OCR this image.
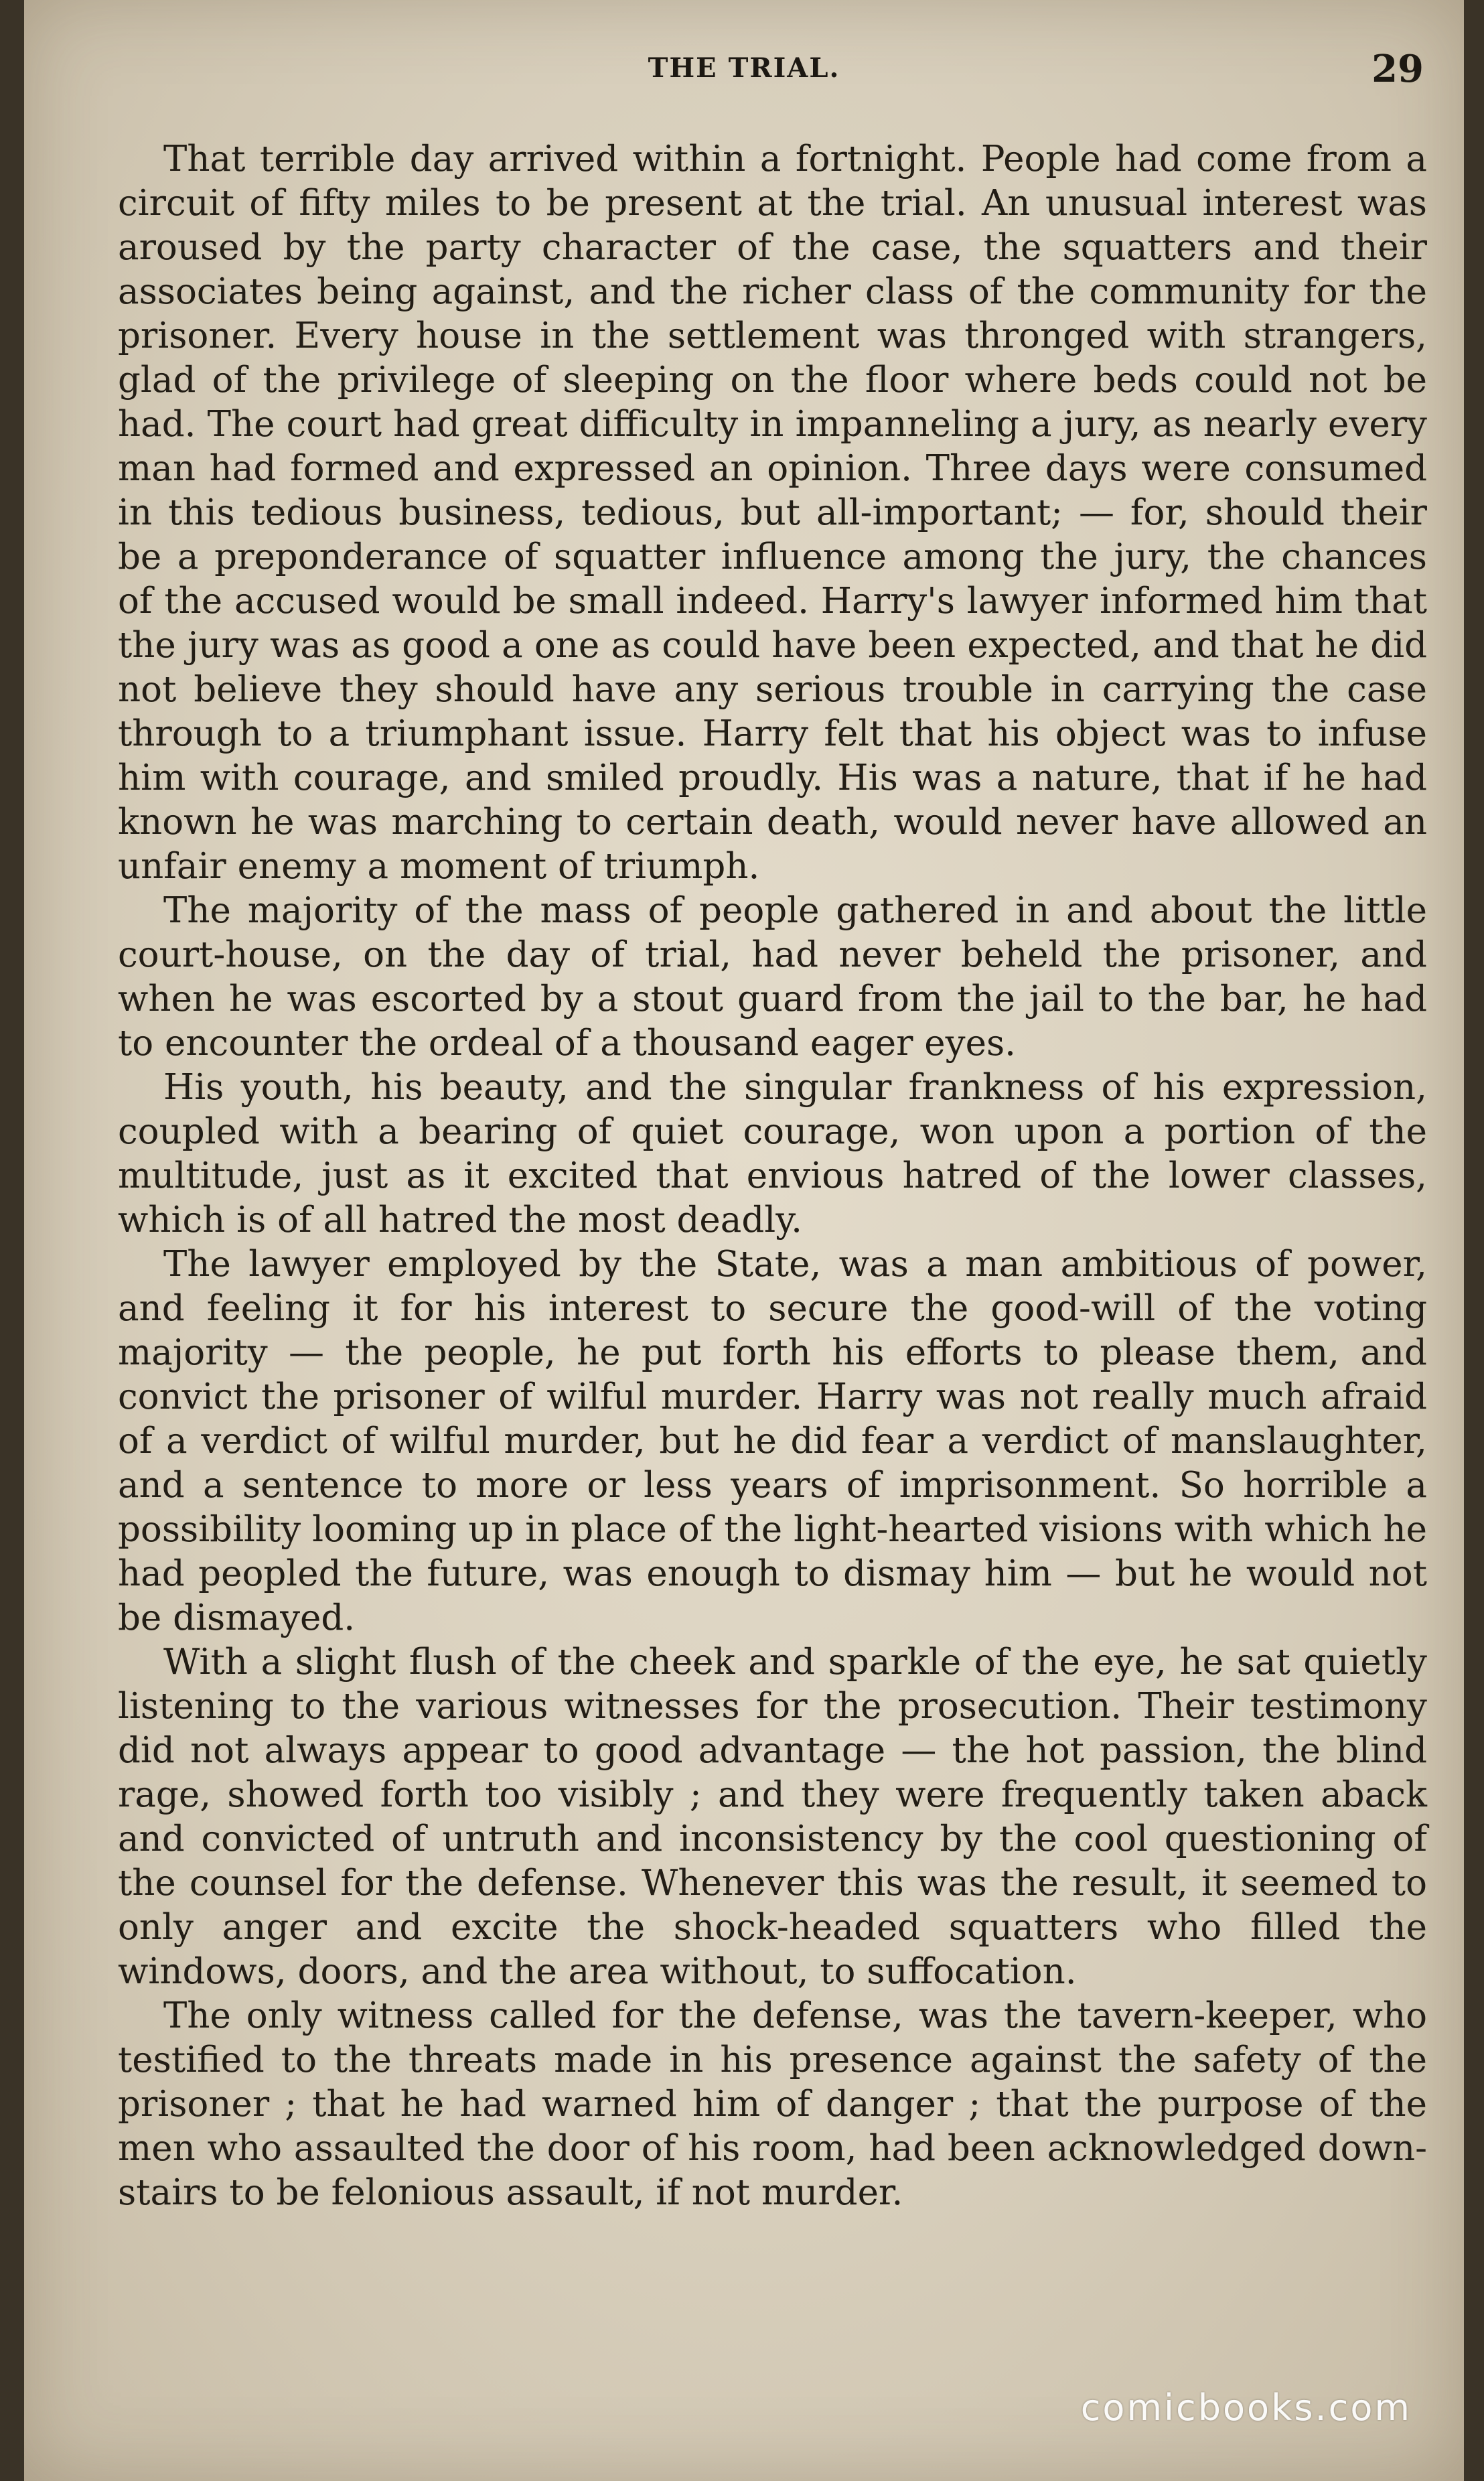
THE TRIAL.	29

That terrible day arrived within a fortnight. People had come from a circuit of fifty miles to be present at the trial. An unusual interest was aroused by the party character of the case, the squatters and their associates being against, and the richer class of the community for the prisoner. Every house in the settlement was thronged with strangers, glad of the privilege of sleeping on the floor where beds could not be had. The court had great difficulty in impanneling a jury, as nearly every man had formed and expressed an opinion. Three days were consumed in this tedious business, tedious, but all-important; — for, should their be a preponderance of squatter influence among the jury, the chances of the accused would be small indeed. Harry's lawyer informed him that the jury was as good a one as could have been expected, and that he did not believe they should have any serious trouble in carrying the case through to a triumphant issue. Harry felt that his object was to infuse him with courage, and smiled proudly. His was a nature, that if he had known he was marching to certain death, would never have allowed an unfair enemy a moment of triumph.

The majority of the mass of people gathered in and about the little court-house, on the day of trial, had never beheld the prisoner, and when he was escorted by a stout guard from the jail to the bar, he had to encounter the ordeal of a thousand eager eyes.

His youth, his beauty, and the singular frankness of his expression, coupled with a bearing of quiet courage, won upon a portion of the multitude, just as it excited that envious hatred of the lower classes, which is of all hatred the most deadly.

The lawyer employed by the State, was a man ambitious of power, and feeling it for his interest to secure the good-will of the voting majority — the people, he put forth his efforts to please them, and convict the prisoner of wilful murder. Harry was not really much afraid of a verdict of wilful murder, but he did fear a verdict of manslaughter, and a sentence to more or less years of imprisonment. So horrible a possibility looming up in place of the light-hearted visions with which he had peopled the future, was enough to dismay him — but he would not be dismayed.

With a slight flush of the cheek and sparkle of the eye, he sat quietly listening to the various witnesses for the prosecution. Their testimony did not always appear to good advantage — the hot passion, the blind rage, showed forth too visibly ; and they were frequently taken aback and convicted of untruth and inconsistency by the cool questioning of the counsel for the defense. Whenever this was the result, it seemed to only anger and excite the shock-headed squatters who filled the windows, doors, and the area without, to suffocation.

The only witness called for the defense, was the tavern-keeper, who testified to the threats made in his presence against the safety of the prisoner ; that he had warned him of danger ; that the purpose of the men who assaulted the door of his room, had been acknowledged down-stairs to be felonious assault, if not murder.

comicbooks.com
